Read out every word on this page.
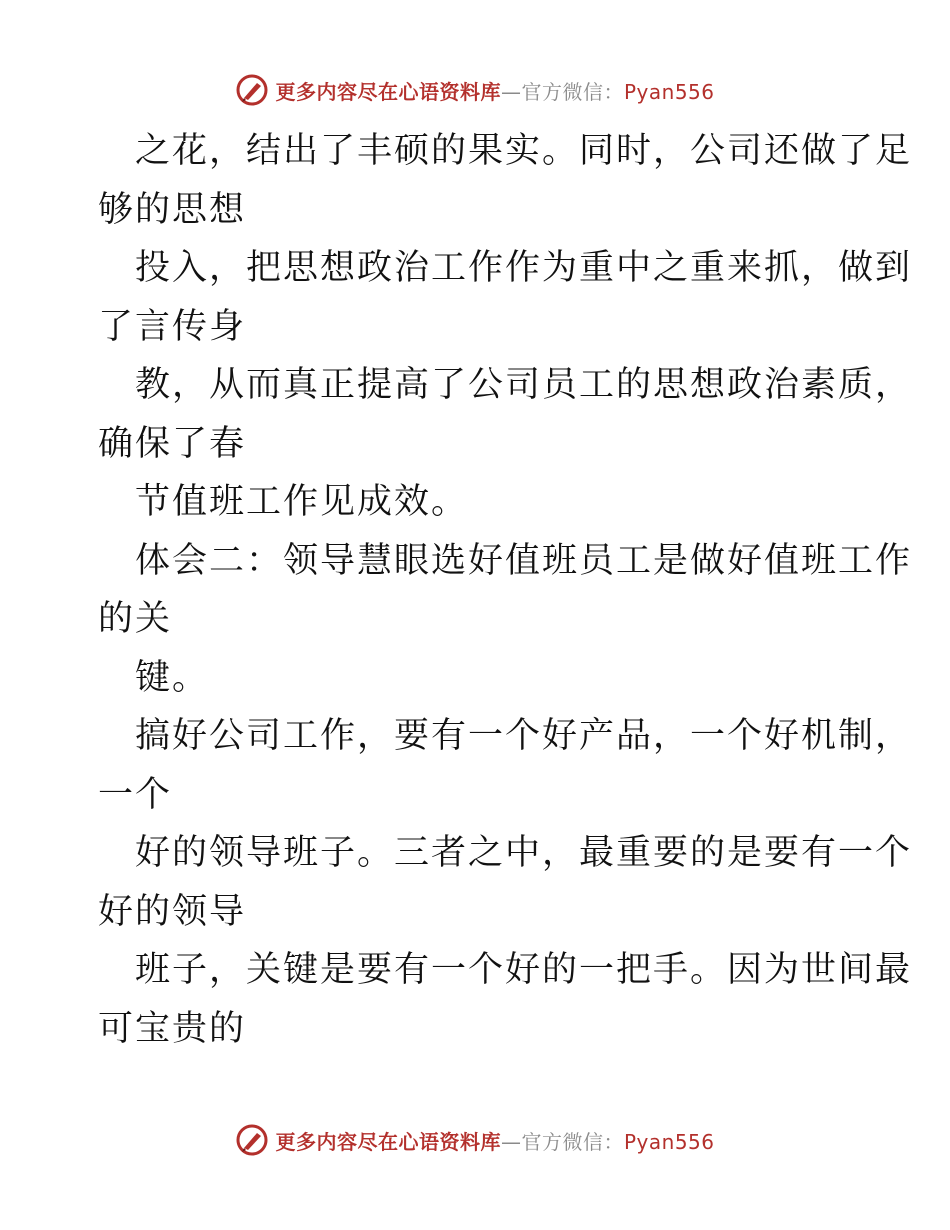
更多内容尽在心语资料库—官方微信：Pyan556
之花，结出了丰硕的果实。同时，公司还做了足
够的思想
投入，把思想政治工作作为重中之重来抓，做到
了言传身
教，从而真正提高了公司员工的思想政治素质，
确保了春
节值班工作见成效。
体会二：领导慧眼选好值班员工是做好值班工作
的关
键。
搞好公司工作，要有一个好产品，一个好机制，
一个
好的领导班子。三者之中，最重要的是要有一个
好的领导
班子，关键是要有一个好的一把手。因为世间最
可宝贵的
更多内容尽在心语资料库—官方微信：Pyan556
